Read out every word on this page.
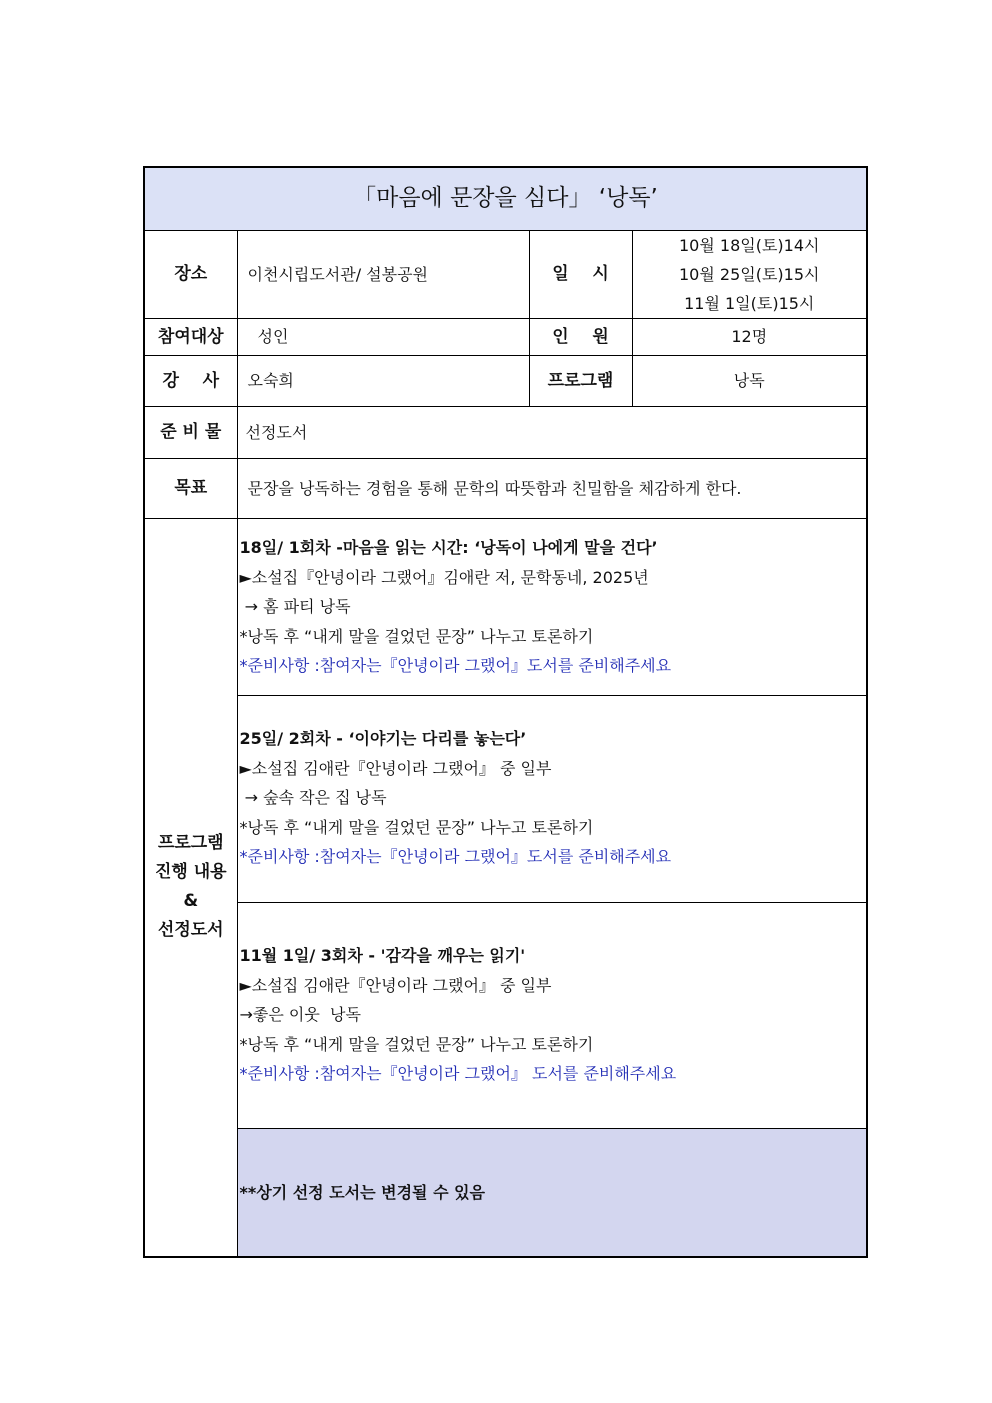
「마음에 문장을 심다」 ‘낭독’			
장소	이천시립도서관/ 설봉공원	일    시	10월 18일(토)14시
10월 25일(토)15시
11월 1일(토)15시

참여대상	성인	인    원	12명
강    사	오숙희	프로그램	낭독
준 비 물	선정도서		
목표	문장을 낭독하는 경험을 통해 문학의 따뜻함과 친밀함을 체감하게 한다.		

프로그램
진행 내용
&
선정도서	18일/ 1회차 -마음을 읽는 시간: ‘낭독이 나에게 말을 건다’
►소설집『안녕이라 그랬어』김애란 저, 문학동네, 2025년
→ 홈 파티 낭독
*낭독 후 “내게 말을 걸었던 문장” 나누고 토론하기
*준비사항 :참여자는『안녕이라 그랬어』도서를 준비해주세요		

	25일/ 2회차 - ‘이야기는 다리를 놓는다’
►소설집 김애란『안녕이라 그랬어』 중 일부
→ 숲속 작은 집 낭독
*낭독 후 “내게 말을 걸었던 문장” 나누고 토론하기
*준비사항 :참여자는『안녕이라 그랬어』도서를 준비해주세요		

	11월 1일/ 3회차 - '감각을 깨우는 읽기'
►소설집 김애란『안녕이라 그랬어』 중 일부
→좋은 이웃  낭독
*낭독 후 “내게 말을 걸었던 문장” 나누고 토론하기
*준비사항 :참여자는『안녕이라 그랬어』 도서를 준비해주세요		

	**상기 선정 도서는 변경될 수 있음		
